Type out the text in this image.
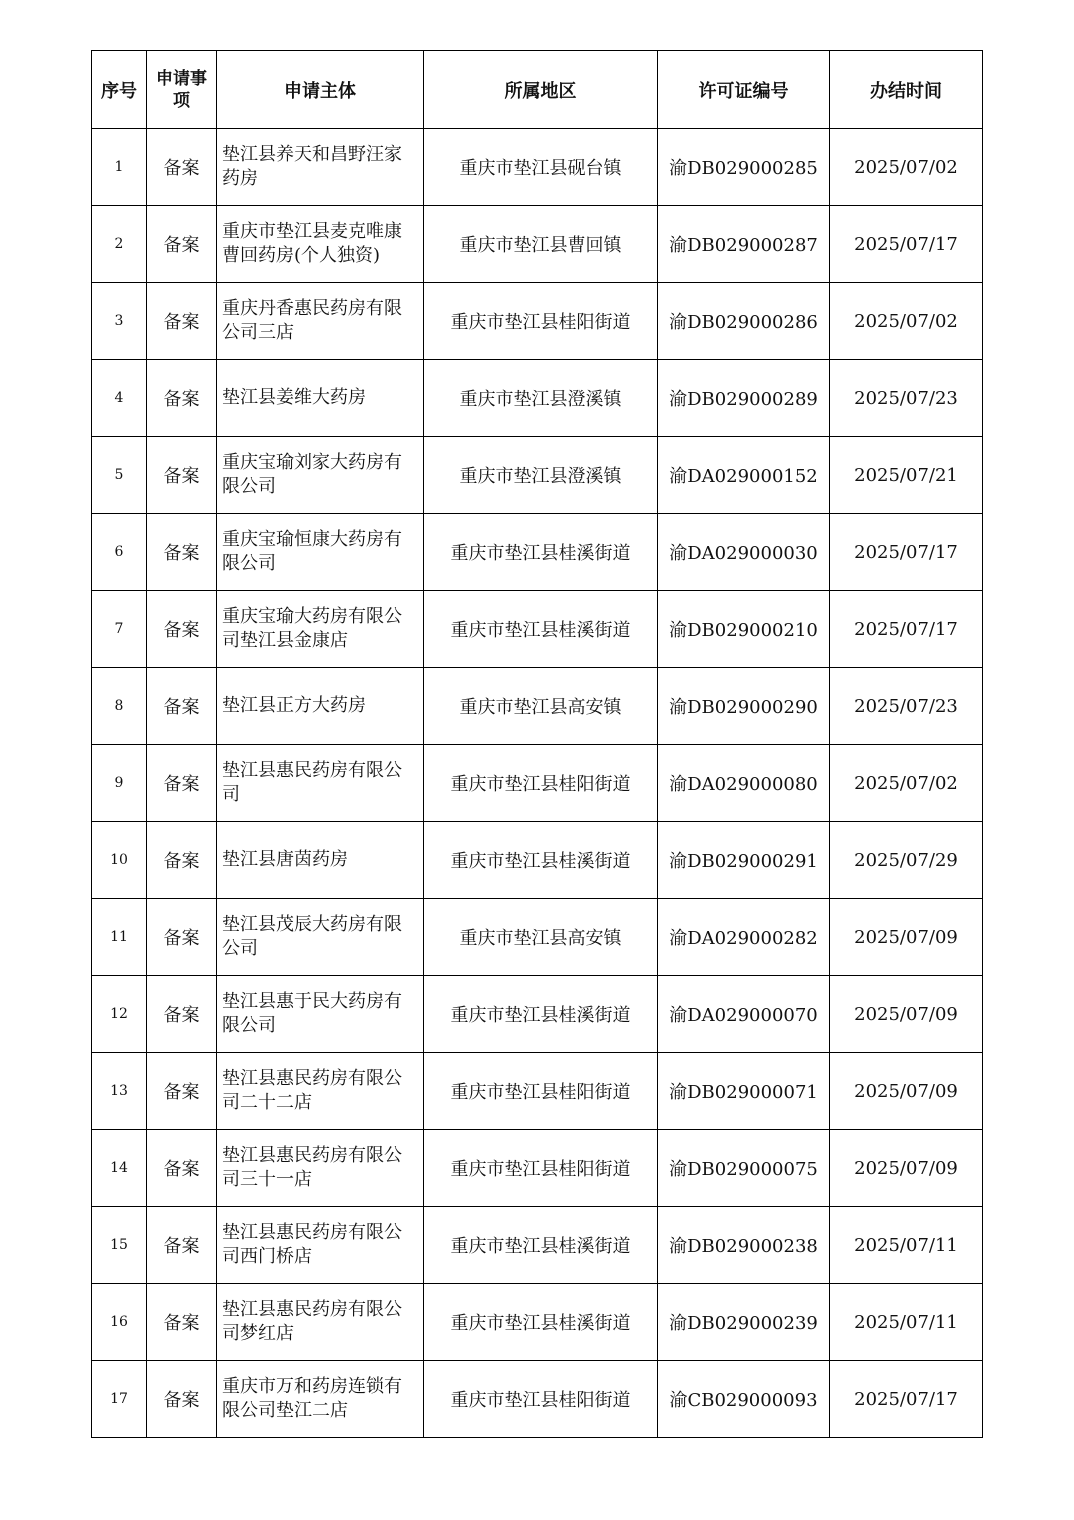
序号	申请事项	申请主体	所属地区	许可证编号	办结时间
1	备案	垫江县养天和昌野汪家药房	重庆市垫江县砚台镇	渝DB029000285	2025/07/02
2	备案	重庆市垫江县麦克唯康曹回药房(个人独资)	重庆市垫江县曹回镇	渝DB029000287	2025/07/17
3	备案	重庆丹香惠民药房有限公司三店	重庆市垫江县桂阳街道	渝DB029000286	2025/07/02
4	备案	垫江县姜维大药房	重庆市垫江县澄溪镇	渝DB029000289	2025/07/23
5	备案	重庆宝瑜刘家大药房有限公司	重庆市垫江县澄溪镇	渝DA029000152	2025/07/21
6	备案	重庆宝瑜恒康大药房有限公司	重庆市垫江县桂溪街道	渝DA029000030	2025/07/17
7	备案	重庆宝瑜大药房有限公司垫江县金康店	重庆市垫江县桂溪街道	渝DB029000210	2025/07/17
8	备案	垫江县正方大药房	重庆市垫江县高安镇	渝DB029000290	2025/07/23
9	备案	垫江县惠民药房有限公司	重庆市垫江县桂阳街道	渝DA029000080	2025/07/02
10	备案	垫江县唐茵药房	重庆市垫江县桂溪街道	渝DB029000291	2025/07/29
11	备案	垫江县茂辰大药房有限公司	重庆市垫江县高安镇	渝DA029000282	2025/07/09
12	备案	垫江县惠于民大药房有限公司	重庆市垫江县桂溪街道	渝DA029000070	2025/07/09
13	备案	垫江县惠民药房有限公司二十二店	重庆市垫江县桂阳街道	渝DB029000071	2025/07/09
14	备案	垫江县惠民药房有限公司三十一店	重庆市垫江县桂阳街道	渝DB029000075	2025/07/09
15	备案	垫江县惠民药房有限公司西门桥店	重庆市垫江县桂溪街道	渝DB029000238	2025/07/11
16	备案	垫江县惠民药房有限公司梦红店	重庆市垫江县桂溪街道	渝DB029000239	2025/07/11
17	备案	重庆市万和药房连锁有限公司垫江二店	重庆市垫江县桂阳街道	渝CB029000093	2025/07/17
